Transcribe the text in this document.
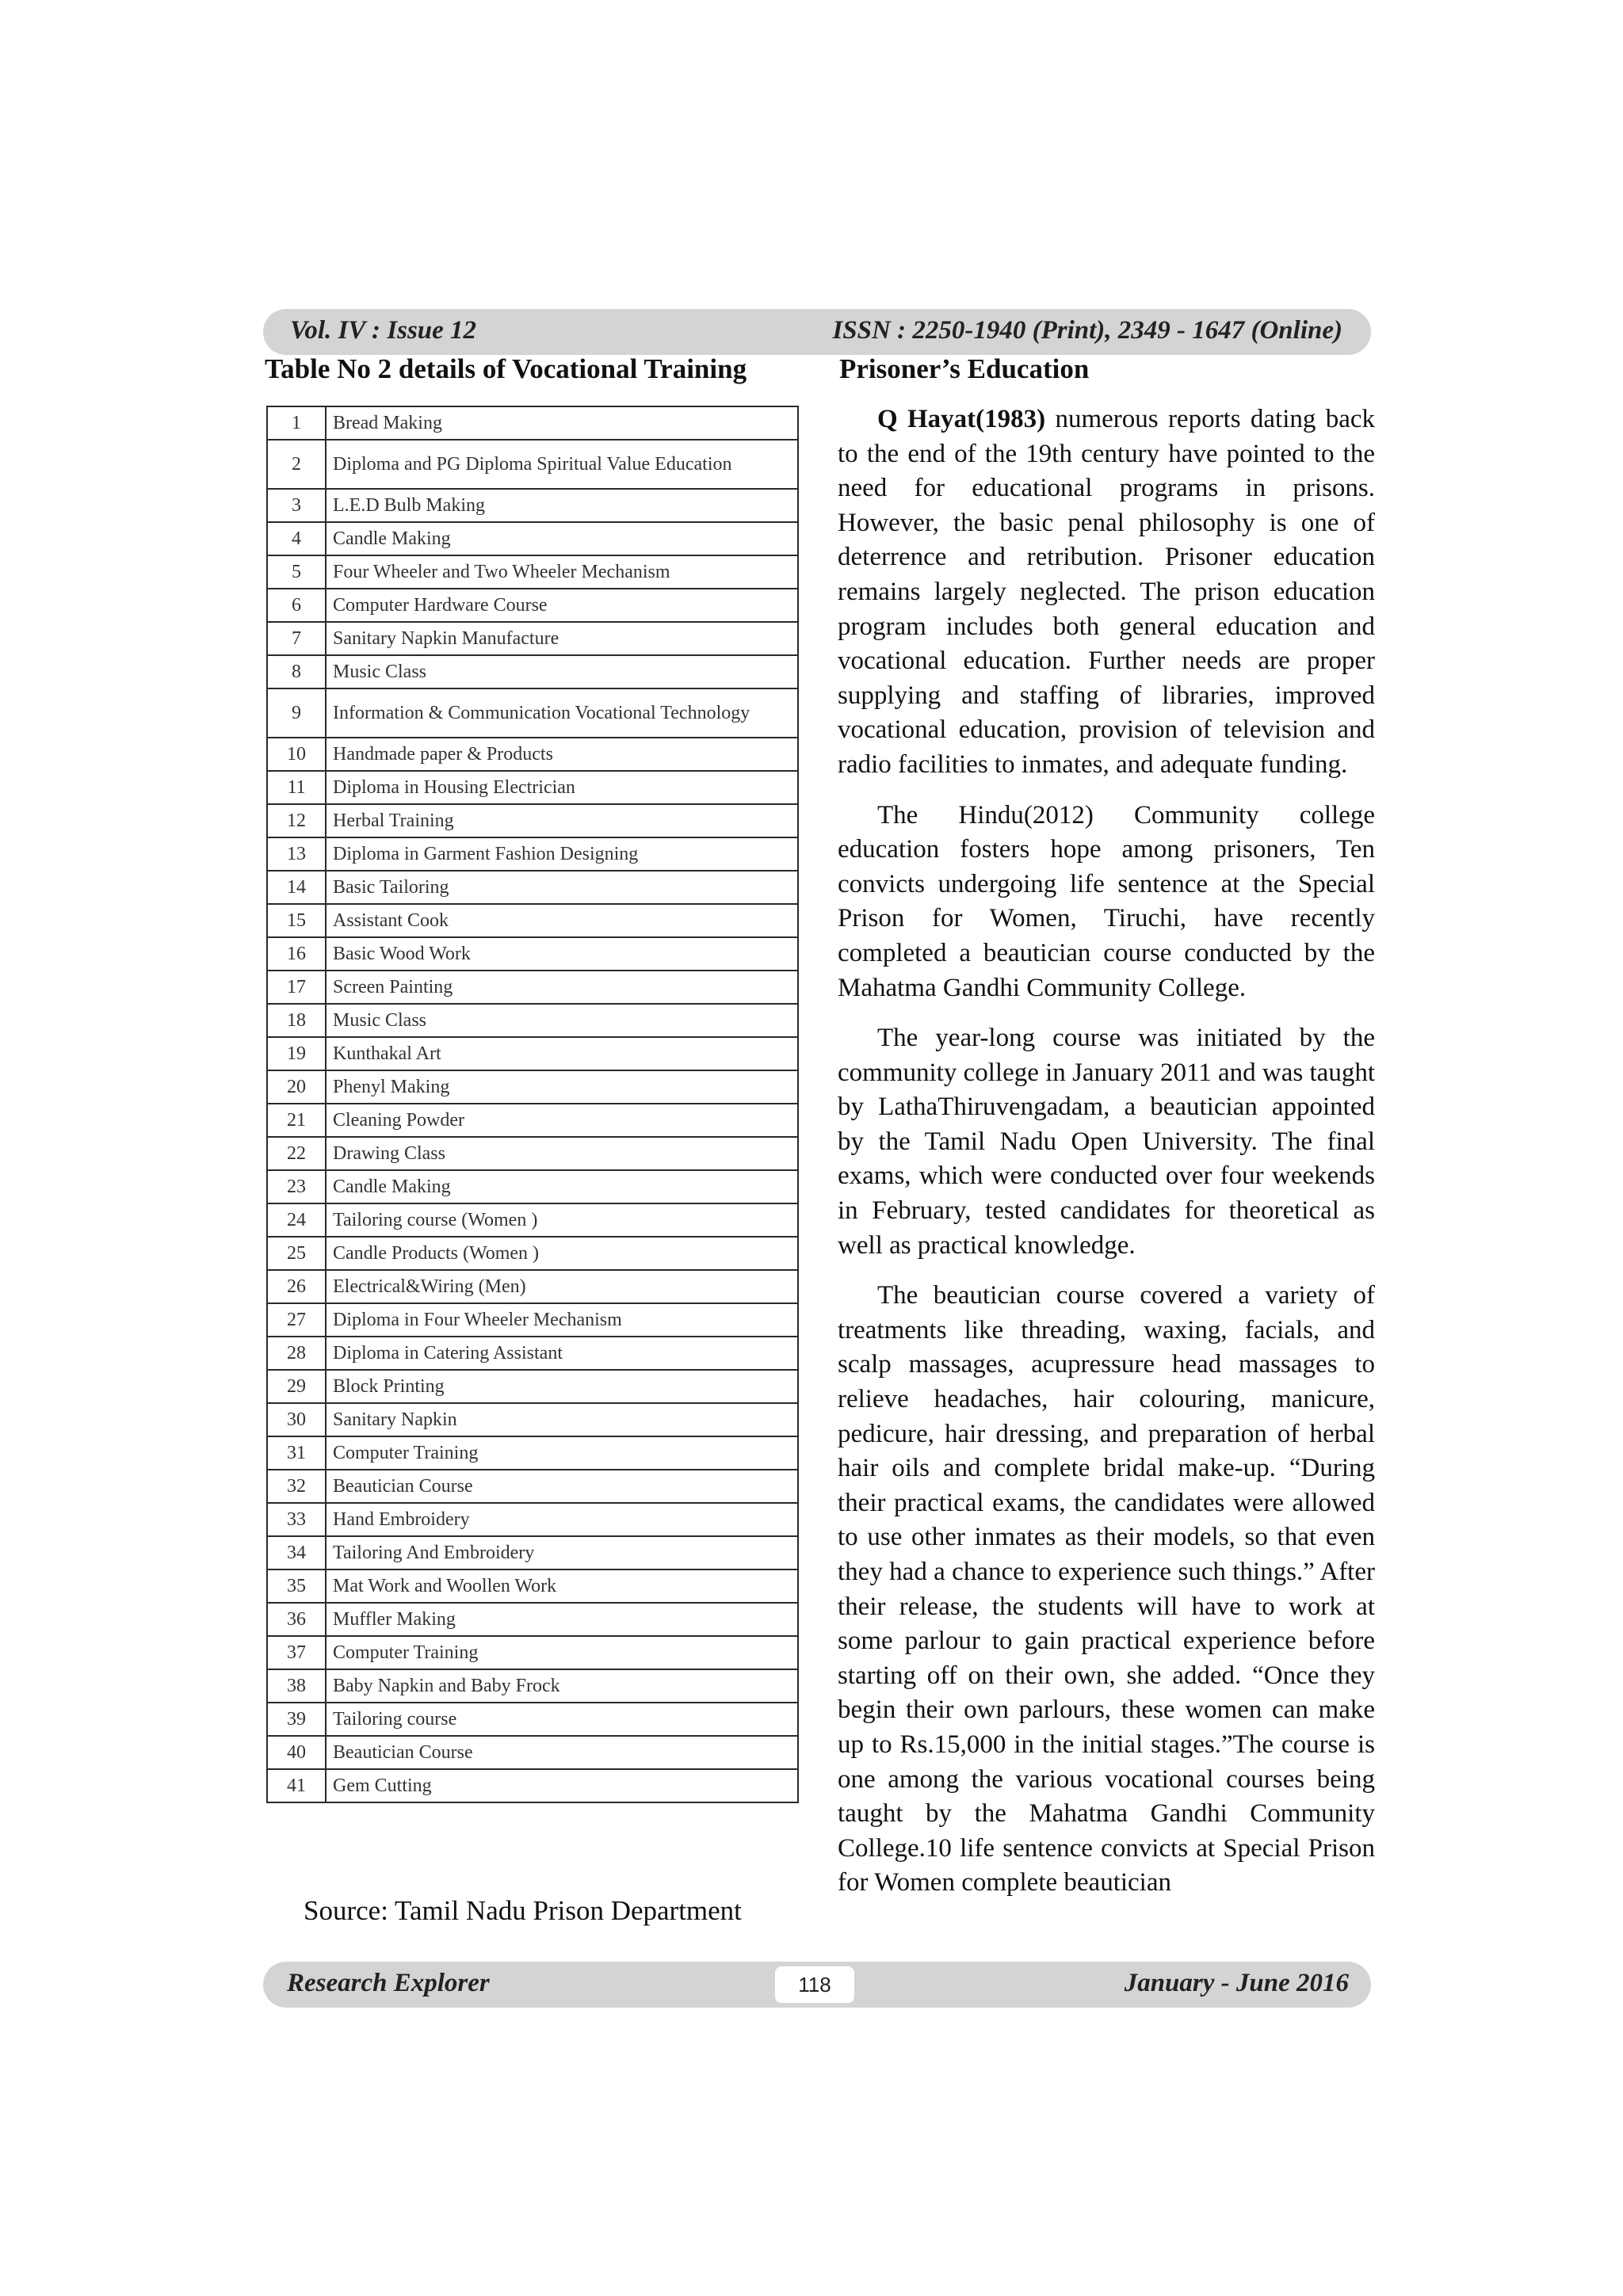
Vol. IV : Issue 12	ISSN : 2250-1940 (Print), 2349 - 1647 (Online)
Table No 2 details of Vocational Training
1	Bread Making
2	Diploma and PG Diploma Spiritual Value Education
3	L.E.D Bulb Making
4	Candle Making
5	Four Wheeler and Two Wheeler Mechanism
6	Computer Hardware Course
7	Sanitary Napkin Manufacture
8	Music Class
9	Information & Communication Vocational Technology
10	Handmade paper & Products
11	Diploma in Housing Electrician
12	Herbal Training
13	Diploma in Garment Fashion Designing
14	Basic Tailoring
15	Assistant Cook
16	Basic Wood Work
17	Screen Painting
18	Music Class
19	Kunthakal Art
20	Phenyl Making
21	Cleaning Powder
22	Drawing Class
23	Candle Making
24	Tailoring course (Women )
25	Candle Products (Women )
26	Electrical&Wiring (Men)
27	Diploma in Four Wheeler Mechanism
28	Diploma in Catering Assistant
29	Block Printing
30	Sanitary Napkin
31	Computer Training
32	Beautician Course
33	Hand Embroidery
34	Tailoring And Embroidery
35	Mat Work and Woollen Work
36	Muffler Making
37	Computer Training
38	Baby Napkin and Baby Frock
39	Tailoring course
40	Beautician Course
41	Gem Cutting
Source: Tamil Nadu Prison Department
Prisoner’s Education

Q Hayat(1983) numerous reports dating back to the end of the 19th century have pointed to the need for educational programs in prisons. However, the basic penal philosophy is one of deterrence and retribution. Prisoner education remains largely neglected. The prison education program includes both general education and vocational education. Further needs are proper supplying and staffing of libraries, improved vocational education, provision of television and radio facilities to inmates, and adequate funding.

The Hindu(2012) Community college education fosters hope among prisoners, Ten convicts undergoing life sentence at the Special Prison for Women, Tiruchi, have recently completed a beautician course conducted by the Mahatma Gandhi Community College.

The year-long course was initiated by the community college in January 2011 and was taught by LathaThiruvengadam, a beautician appointed by the Tamil Nadu Open University. The final exams, which were conducted over four weekends in February, tested candidates for theoretical as well as practical knowledge.

The beautician course covered a variety of treatments like threading, waxing, facials, and scalp massages, acupressure head massages to relieve headaches, hair colouring, manicure, pedicure, hair dressing, and preparation of herbal hair oils and complete bridal make-up. “During their practical exams, the candidates were allowed to use other inmates as their models, so that even they had a chance to experience such things.” After their release, the students will have to work at some parlour to gain practical experience before starting off on their own, she added. “Once they begin their own parlours, these women can make up to Rs.15,000 in the initial stages.”The course is one among the various vocational courses being taught by the Mahatma Gandhi Community College.10 life sentence convicts at Special Prison for Women complete beautician

Research Explorer	January - June 2016
118
